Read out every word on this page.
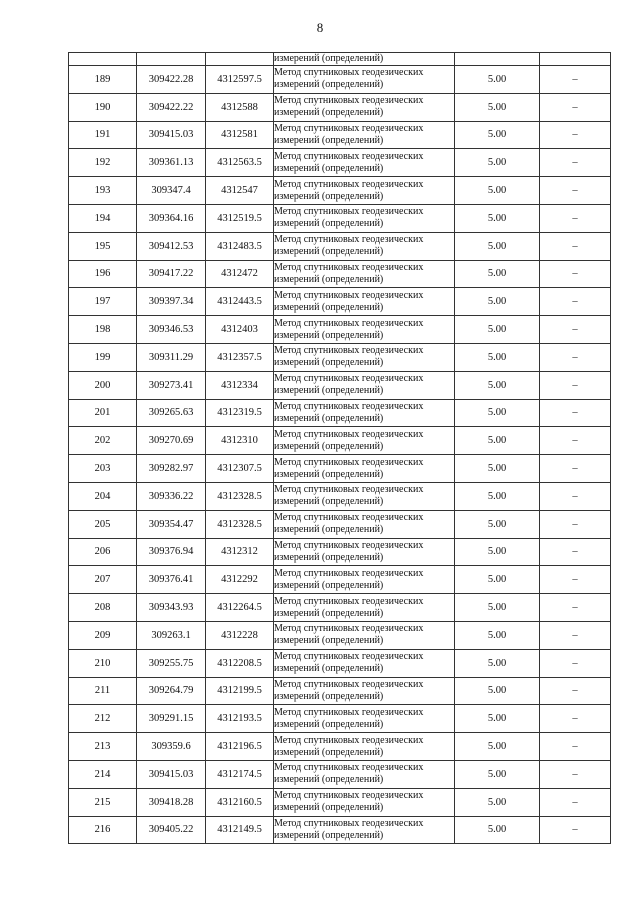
8
			измерений (определений)		
189	309422.28	4312597.5	Метод спутниковых геодезических
измерений (определений)	5.00	–
190	309422.22	4312588	Метод спутниковых геодезических
измерений (определений)	5.00	–
191	309415.03	4312581	Метод спутниковых геодезических
измерений (определений)	5.00	–
192	309361.13	4312563.5	Метод спутниковых геодезических
измерений (определений)	5.00	–
193	309347.4	4312547	Метод спутниковых геодезических
измерений (определений)	5.00	–
194	309364.16	4312519.5	Метод спутниковых геодезических
измерений (определений)	5.00	–
195	309412.53	4312483.5	Метод спутниковых геодезических
измерений (определений)	5.00	–
196	309417.22	4312472	Метод спутниковых геодезических
измерений (определений)	5.00	–
197	309397.34	4312443.5	Метод спутниковых геодезических
измерений (определений)	5.00	–
198	309346.53	4312403	Метод спутниковых геодезических
измерений (определений)	5.00	–
199	309311.29	4312357.5	Метод спутниковых геодезических
измерений (определений)	5.00	–
200	309273.41	4312334	Метод спутниковых геодезических
измерений (определений)	5.00	–
201	309265.63	4312319.5	Метод спутниковых геодезических
измерений (определений)	5.00	–
202	309270.69	4312310	Метод спутниковых геодезических
измерений (определений)	5.00	–
203	309282.97	4312307.5	Метод спутниковых геодезических
измерений (определений)	5.00	–
204	309336.22	4312328.5	Метод спутниковых геодезических
измерений (определений)	5.00	–
205	309354.47	4312328.5	Метод спутниковых геодезических
измерений (определений)	5.00	–
206	309376.94	4312312	Метод спутниковых геодезических
измерений (определений)	5.00	–
207	309376.41	4312292	Метод спутниковых геодезических
измерений (определений)	5.00	–
208	309343.93	4312264.5	Метод спутниковых геодезических
измерений (определений)	5.00	–
209	309263.1	4312228	Метод спутниковых геодезических
измерений (определений)	5.00	–
210	309255.75	4312208.5	Метод спутниковых геодезических
измерений (определений)	5.00	–
211	309264.79	4312199.5	Метод спутниковых геодезических
измерений (определений)	5.00	–
212	309291.15	4312193.5	Метод спутниковых геодезических
измерений (определений)	5.00	–
213	309359.6	4312196.5	Метод спутниковых геодезических
измерений (определений)	5.00	–
214	309415.03	4312174.5	Метод спутниковых геодезических
измерений (определений)	5.00	–
215	309418.28	4312160.5	Метод спутниковых геодезических
измерений (определений)	5.00	–
216	309405.22	4312149.5	Метод спутниковых геодезических
измерений (определений)	5.00	–
